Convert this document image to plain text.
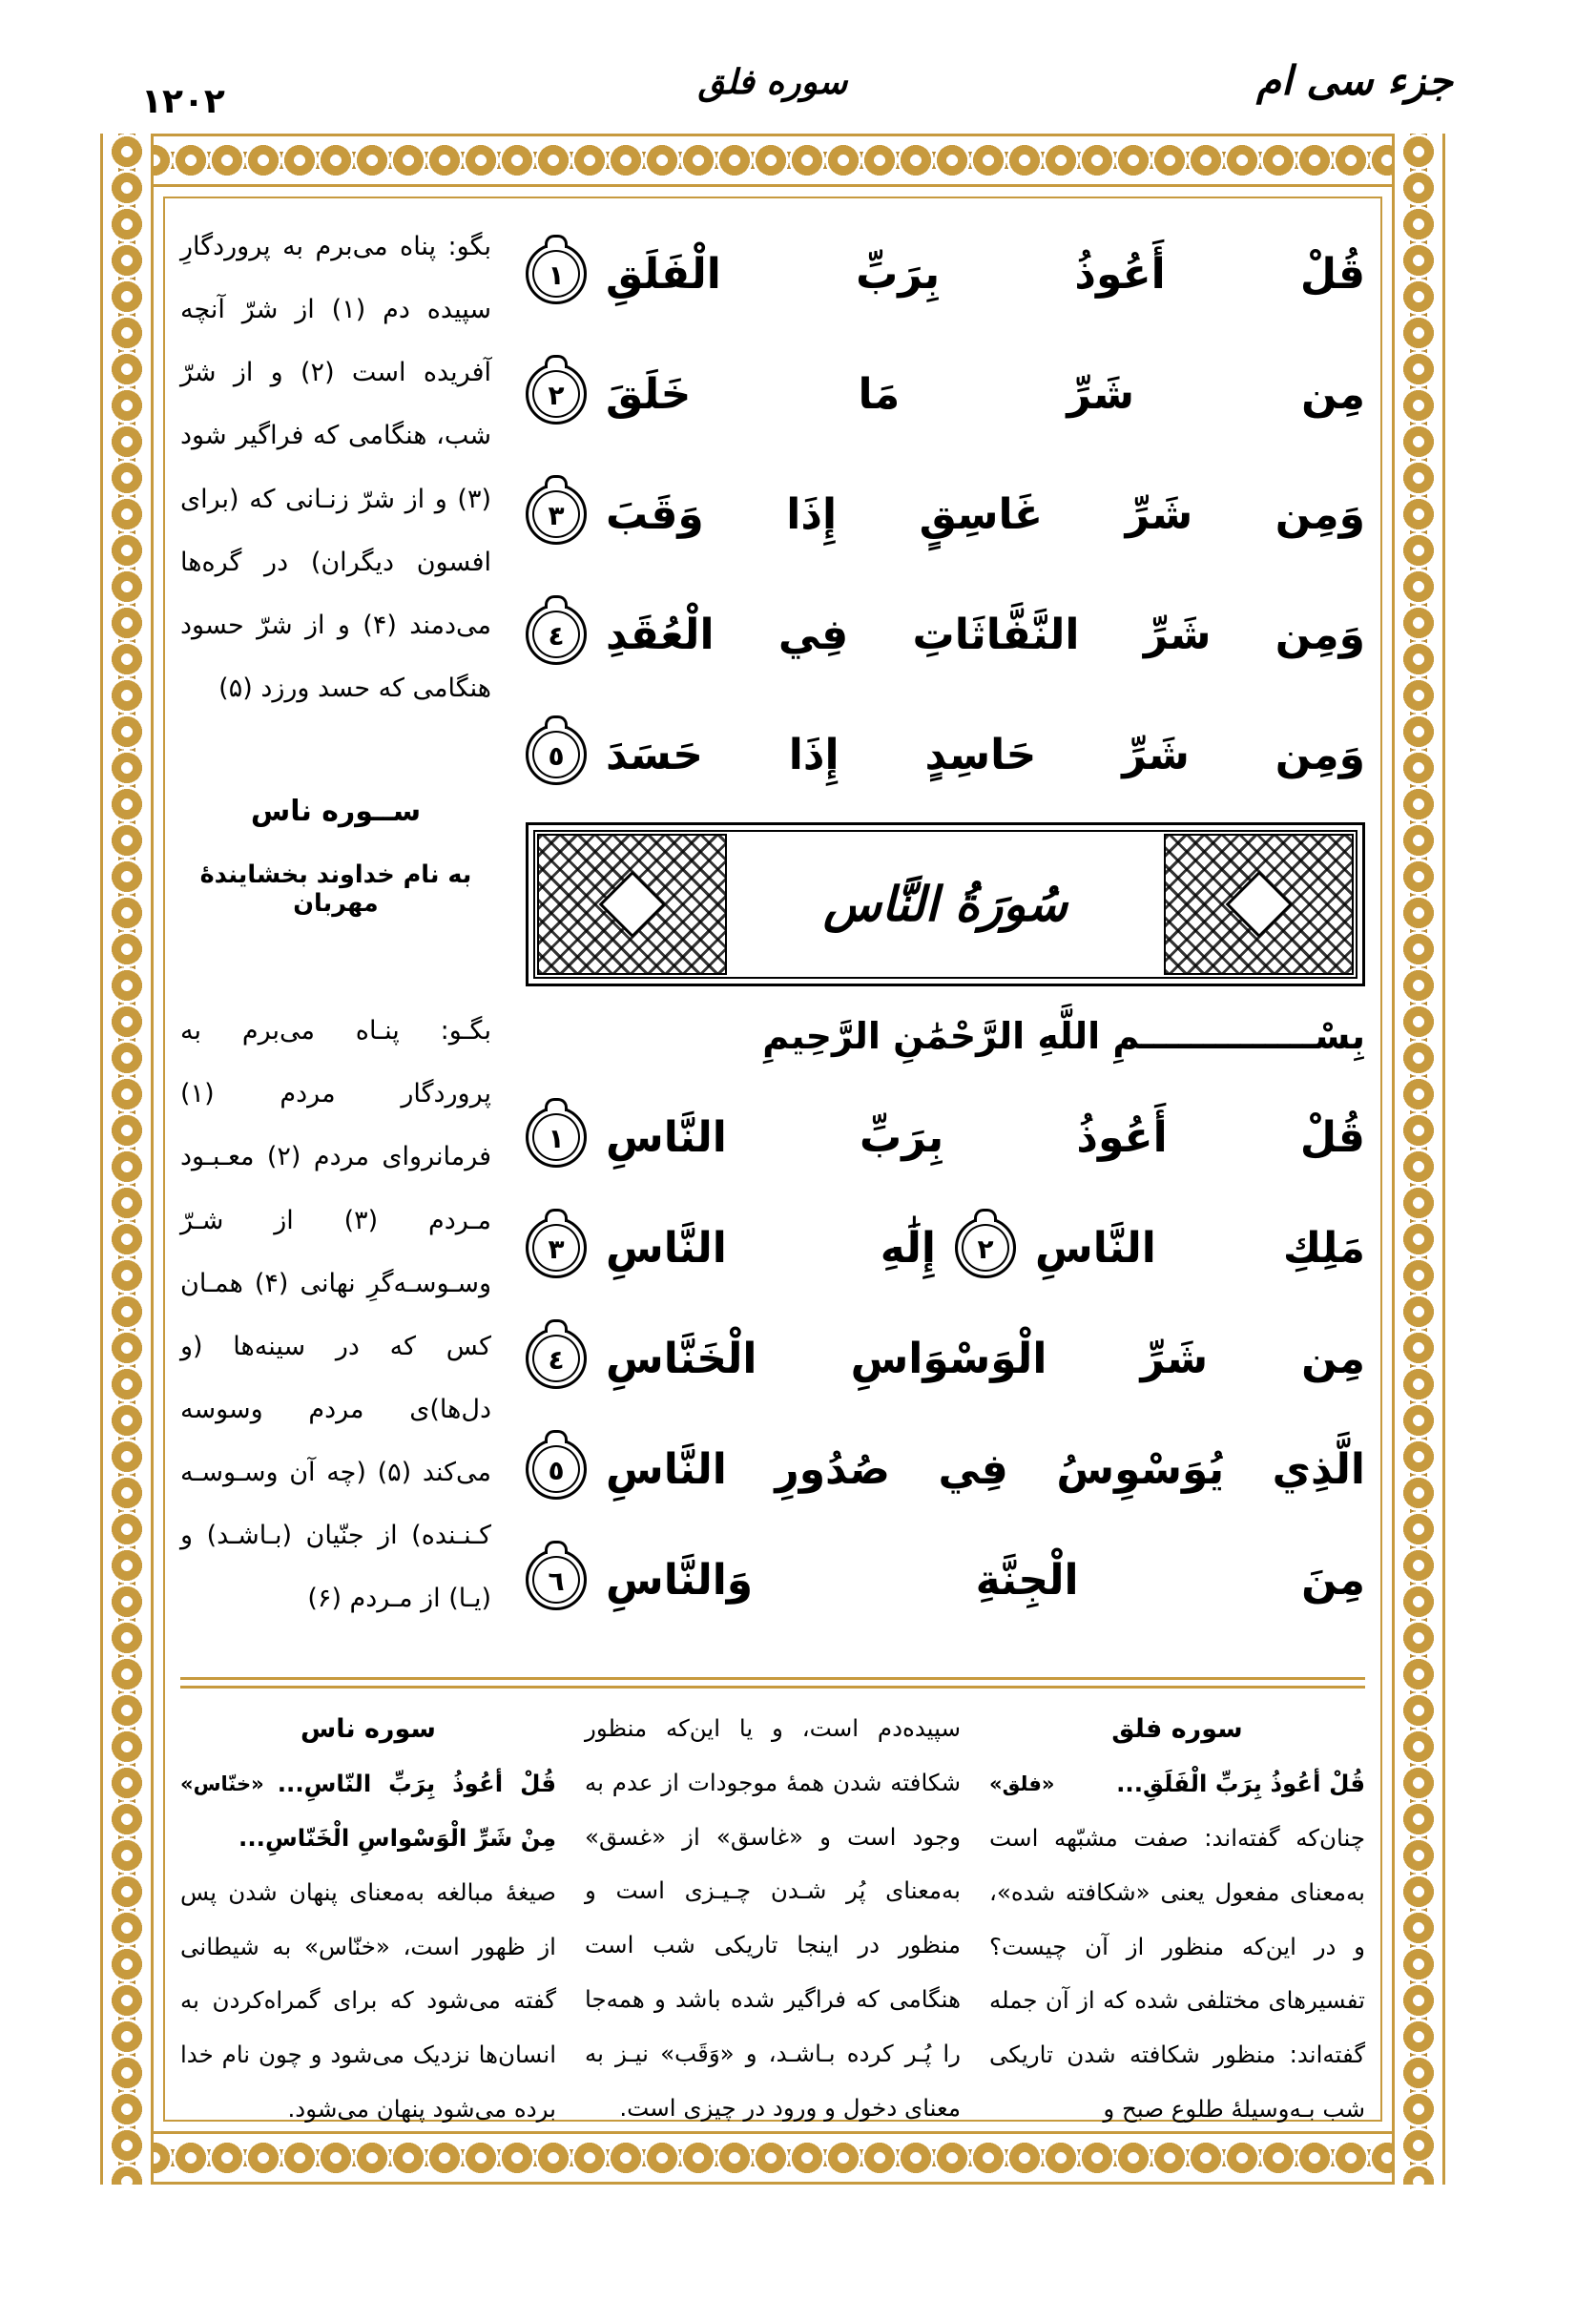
۱۲۰۲	سوره فلق	جزء سی ام
قُلْ أَعُوذُ بِرَبِّ الْفَلَقِ
١
مِن شَرِّ مَا خَلَقَ
٢
وَمِن شَرِّ غَاسِقٍ إِذَا وَقَبَ
٣
وَمِن شَرِّ النَّفَّاثَاتِ فِي الْعُقَدِ
٤
وَمِن شَرِّ حَاسِدٍ إِذَا حَسَدَ
٥
سُورَةُ النَّاس
بِسْــــــــــــــمِ اللَّهِ الرَّحْمَٰنِ الرَّحِيمِ
قُلْ أَعُوذُ بِرَبِّ النَّاسِ
١
مَلِكِ النَّاسِ
٢
إِلَٰهِ النَّاسِ
٣
مِن شَرِّ الْوَسْوَاسِ الْخَنَّاسِ
٤
الَّذِي يُوَسْوِسُ فِي صُدُورِ النَّاسِ
٥
مِنَ الْجِنَّةِ وَالنَّاسِ
٦
بگو: پناه می‌برم به پروردگارِ سپیده دم (۱) از شرّ آنچه آفریده است (۲) و از شرّ شب، هنگامی که فراگیر شود (۳) و از شرّ زنـانی که (برای افسون دیگران) در گره‌ها می‌دمند (۴) و از شرّ حسود هنگامی که حسد ورزد (۵)
ســوره ناس
به نام خداوند بخشایندهٔ مهربان
بگـو: پنـاه می‌برم به پروردگار مردم (۱) فرمانروای مردم (۲) معـبـود مـردم (۳) از شـرّ وسـوسـه‌گرِ نهانی (۴) همـان کس که در سینه‌ها (و دل‌ها)ی مردم وسوسه می‌کند (۵) (چه آن وسـوسـه کـنـنده) از جنّیان (بـاشـد) و (یـا) از مـردم (۶)
سوره فلق
«فلق»	قُلْ أعُوذُ بِرَبِّ الْفَلَقِ...
چنان‌که گفته‌اند: صفت مشبّهه است به‌معنای مفعول یعنی «شکافته شده»، و در این‌که منظور از آن چیست؟ تفسیرهای مختلفی شده که از آن جمله گفته‌اند: منظور شکافته شدن تاریکی شب بـه‌وسیلهٔ طلوع صبح و
سپیده‌دم است، و یا این‌که منظور شکافته شدن همهٔ موجودات از عدم به وجود است و «غاسق» از «غسق» به‌معنای پُر شـدن چـیـزی است و منظور در اینجا تاریکی شب است هنگامی که فراگیر شده باشد و همه‌جا را پُـر کرده بـاشـد، و «وَقَب» نیـز به معنای دخول و ورود در چیزی است.
سوره ناس
«خنّاس» قُلْ أعُوذُ بِرَبِّ النّاسِ... مِنْ شَرِّ الْوَسْواسِ الْخَنّاسِ...
صیغهٔ مبالغه به‌معنای پنهان شدن پس از ظهور است، «خنّاس» به شیطانی گفته می‌شود که برای گمراه‌کردن به انسان‌ها نزدیک می‌شود و چون نام خدا برده می‌شود پنهان می‌شود.
